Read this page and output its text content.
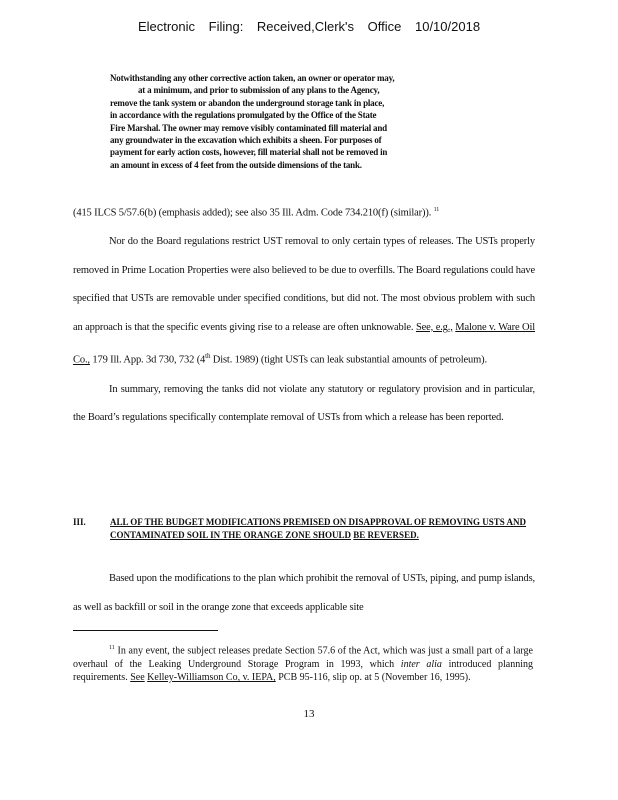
Electronic Filing: Received,Clerk's Office 10/10/2018
Notwithstanding any other corrective action taken, an owner or operator may,
at a minimum, and prior to submission of any plans to the Agency,
remove the tank system or abandon the underground storage tank in place,
in accordance with the regulations promulgated by the Office of the State
Fire Marshal. The owner may remove visibly contaminated fill material and
any groundwater in the excavation which exhibits a sheen. For purposes of
payment for early action costs, however, fill material shall not be removed in
an amount in excess of 4 feet from the outside dimensions of the tank.

(415 ILCS 5/57.6(b) (emphasis added); see also 35 Ill. Adm. Code 734.210(f) (similar)). $^{11}$

Nor do the Board regulations restrict UST removal to only certain types of releases. The USTs properly removed in Prime Location Properties were also believed to be due to overfills. The Board regulations could have specified that USTs are removable under specified conditions, but did not. The most obvious problem with such an approach is that the specific events giving rise to a release are often unknowable. See, e.g., Malone v. Ware Oil Co., 179 Ill. App. 3d 730, 732 (4th Dist. 1989) (tight USTs can leak substantial amounts of petroleum).

In summary, removing the tanks did not violate any statutory or regulatory provision and in particular, the Board’s regulations specifically contemplate removal of USTs from which a release has been reported.

III.	ALL OF THE BUDGET MODIFICATIONS PREMISED ON DISAPPROVAL OF REMOVING USTS AND CONTAMINATED SOIL IN THE ORANGE ZONE SHOULD BE REVERSED.

Based upon the modifications to the plan which prohibit the removal of USTs, piping, and pump islands, as well as backfill or soil in the orange zone that exceeds applicable site

$^{11}$ In any event, the subject releases predate Section 57.6 of the Act, which was just a small part of a large overhaul of the Leaking Underground Storage Program in 1993, which inter alia introduced planning requirements. See Kelley-Williamson Co, v. IEPA, PCB 95-116, slip op. at 5 (November 16, 1995).
13
